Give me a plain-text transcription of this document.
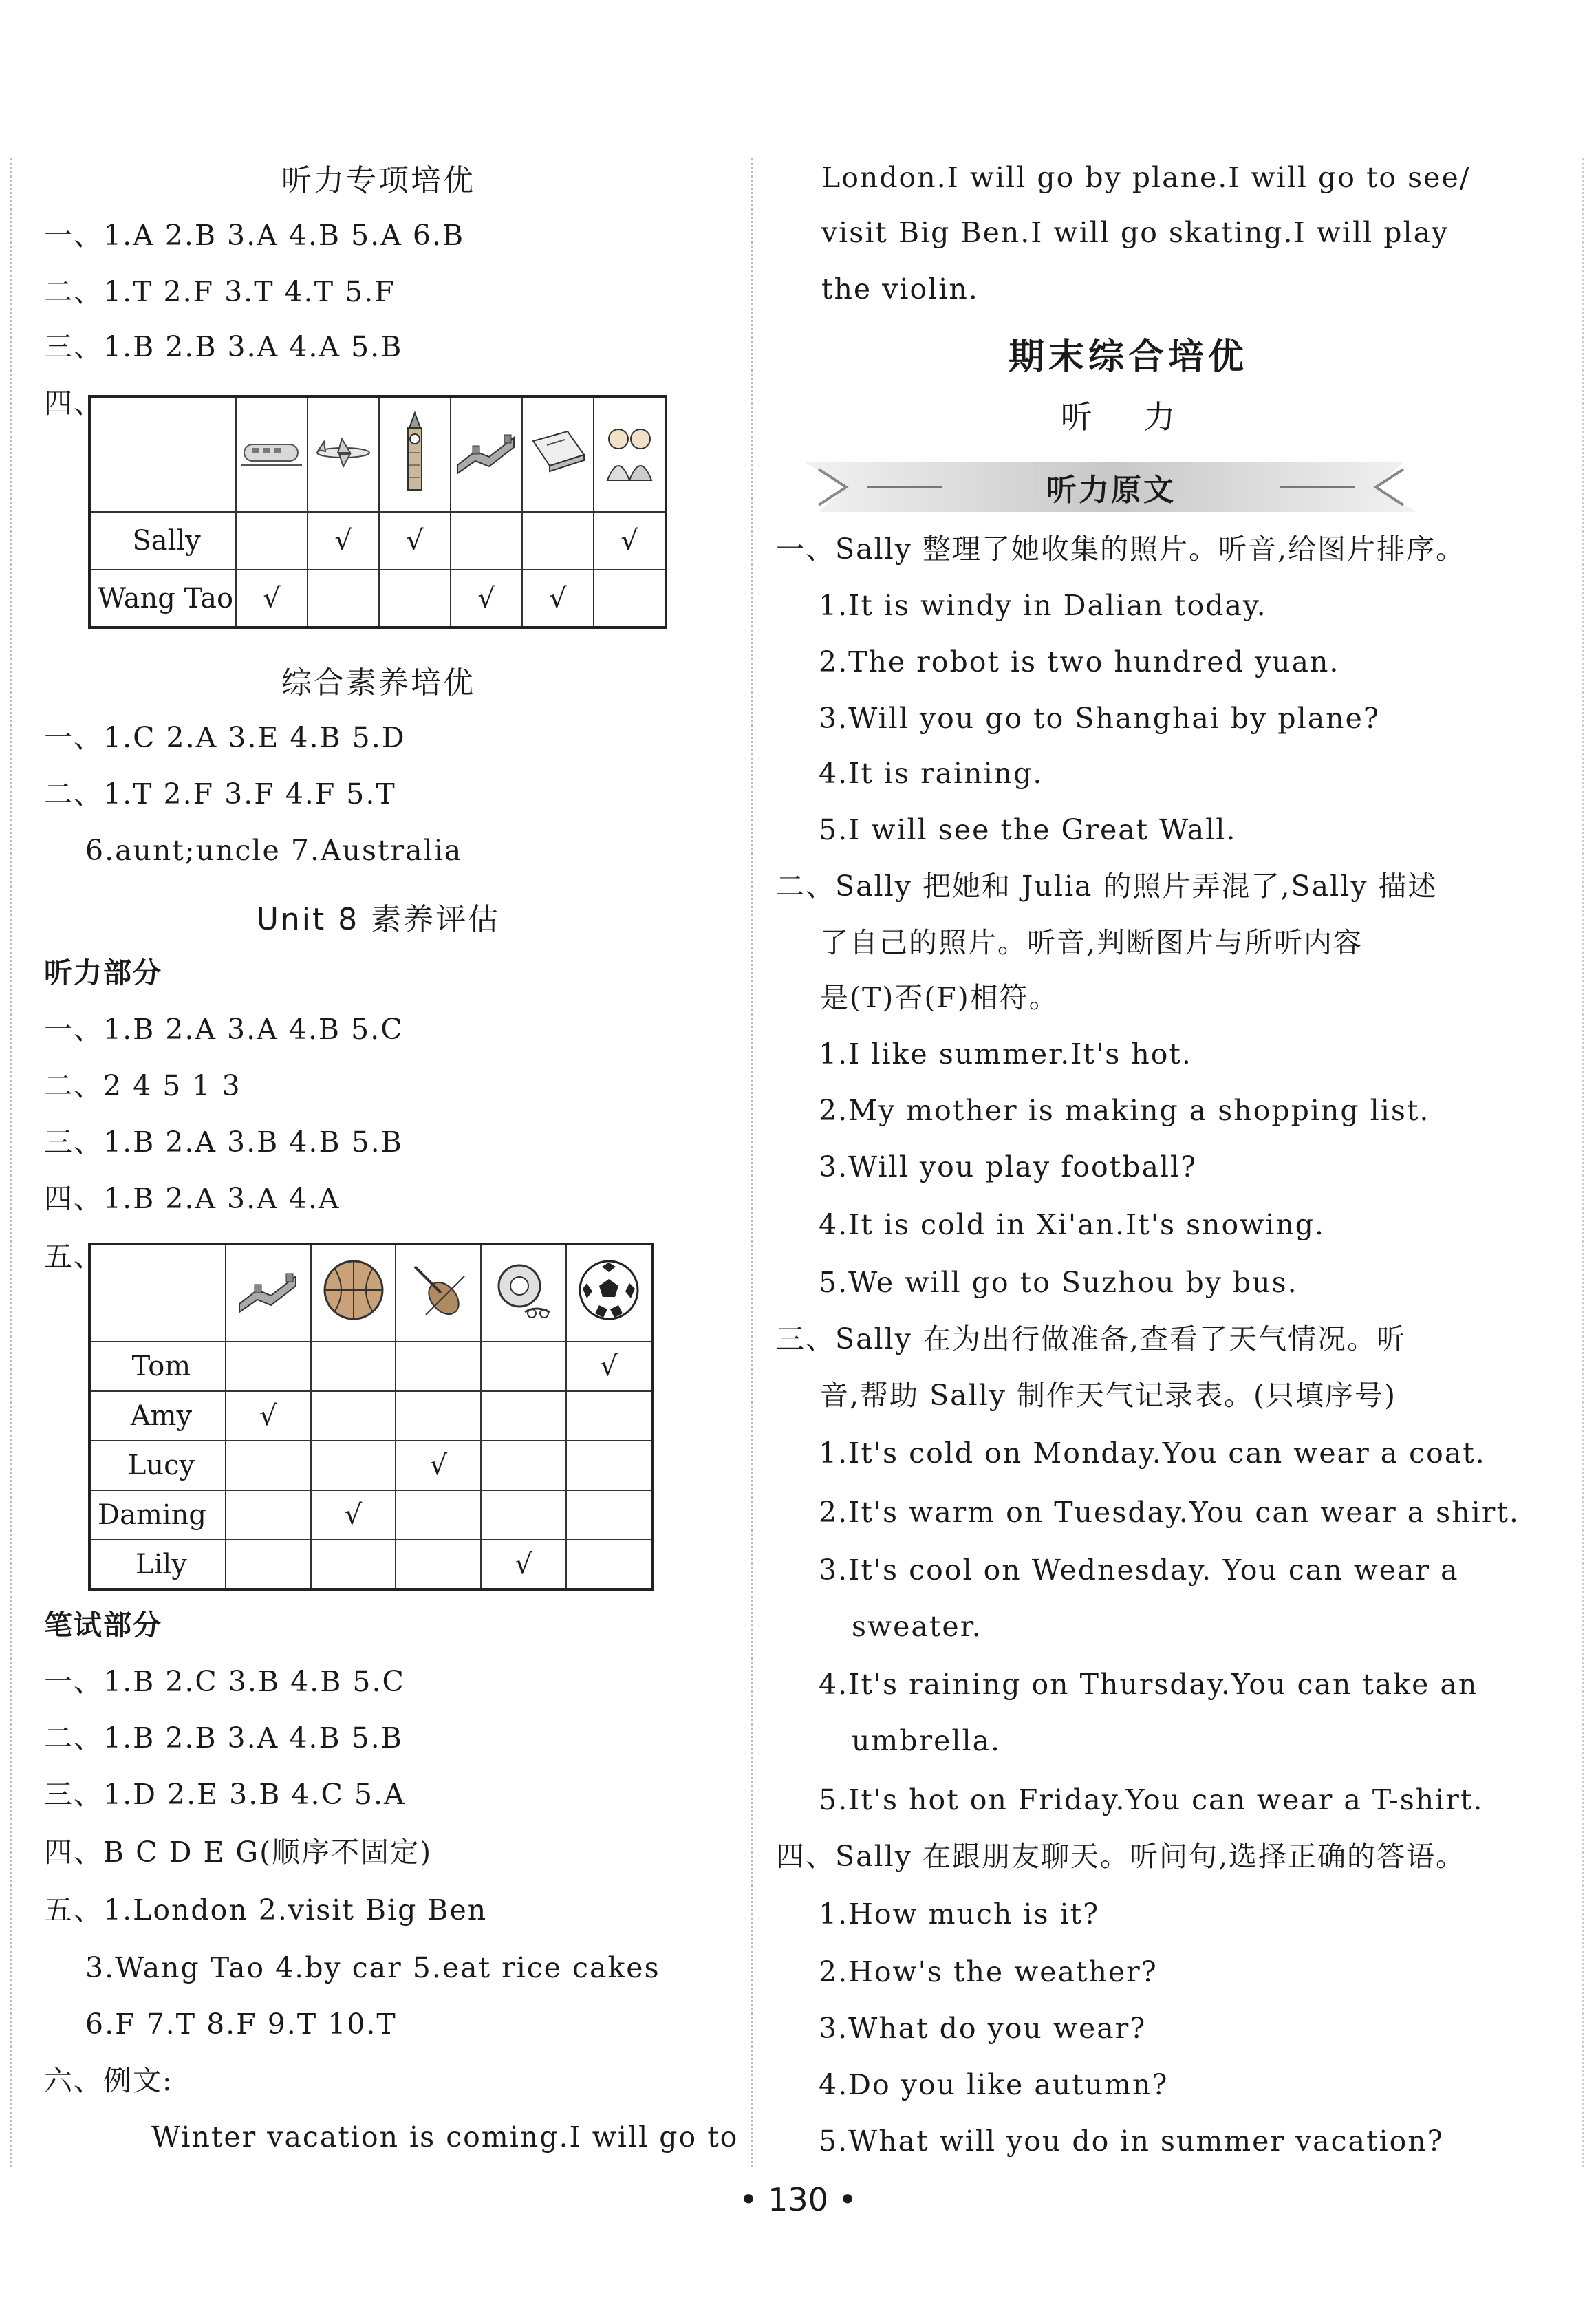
听力专项培优
一、1.A 2.B 3.A 4.B 5.A 6.B
二、1.T 2.F 3.T 4.T 5.F
三、1.B 2.B 3.A 4.A 5.B
四、

Sally		√	√			√
Wang Tao	√			√	√	
综合素养培优
一、1.C 2.A 3.E 4.B 5.D
二、1.T 2.F 3.F 4.F 5.T
6.aunt;uncle 7.Australia
Unit 8 素养评估
听力部分
一、1.B 2.A 3.A 4.B 5.C
二、2 4 5 1 3
三、1.B 2.A 3.B 4.B 5.B
四、1.B 2.A 3.A 4.A
五、

Tom					√
Amy	√				
Lucy			√		
Daming		√			
Lily				√	
笔试部分
一、1.B 2.C 3.B 4.B 5.C
二、1.B 2.B 3.A 4.B 5.B
三、1.D 2.E 3.B 4.C 5.A
四、B C D E G(顺序不固定)
五、1.London 2.visit Big Ben
3.Wang Tao 4.by car 5.eat rice cakes
6.F 7.T 8.F 9.T 10.T
六、例文:
Winter vacation is coming.I will go to
London.I will go by plane.I will go to see/
visit Big Ben.I will go skating.I will play
the violin.
期末综合培优
听 力
听力原文
一、Sally 整理了她收集的照片。听音,给图片排序。
1.It is windy in Dalian today.
2.The robot is two hundred yuan.
3.Will you go to Shanghai by plane?
4.It is raining.
5.I will see the Great Wall.
二、Sally 把她和 Julia 的照片弄混了,Sally 描述
了自己的照片。听音,判断图片与所听内容
是(T)否(F)相符。
1.I like summer.It's hot.
2.My mother is making a shopping list.
3.Will you play football?
4.It is cold in Xi'an.It's snowing.
5.We will go to Suzhou by bus.
三、Sally 在为出行做准备,查看了天气情况。听
音,帮助 Sally 制作天气记录表。(只填序号)
1.It's cold on Monday.You can wear a coat.
2.It's warm on Tuesday.You can wear a shirt.
3.It's cool on Wednesday. You can wear a
sweater.
4.It's raining on Thursday.You can take an
umbrella.
5.It's hot on Friday.You can wear a T-shirt.
四、Sally 在跟朋友聊天。听问句,选择正确的答语。
1.How much is it?
2.How's the weather?
3.What do you wear?
4.Do you like autumn?
5.What will you do in summer vacation?
• 130 •
